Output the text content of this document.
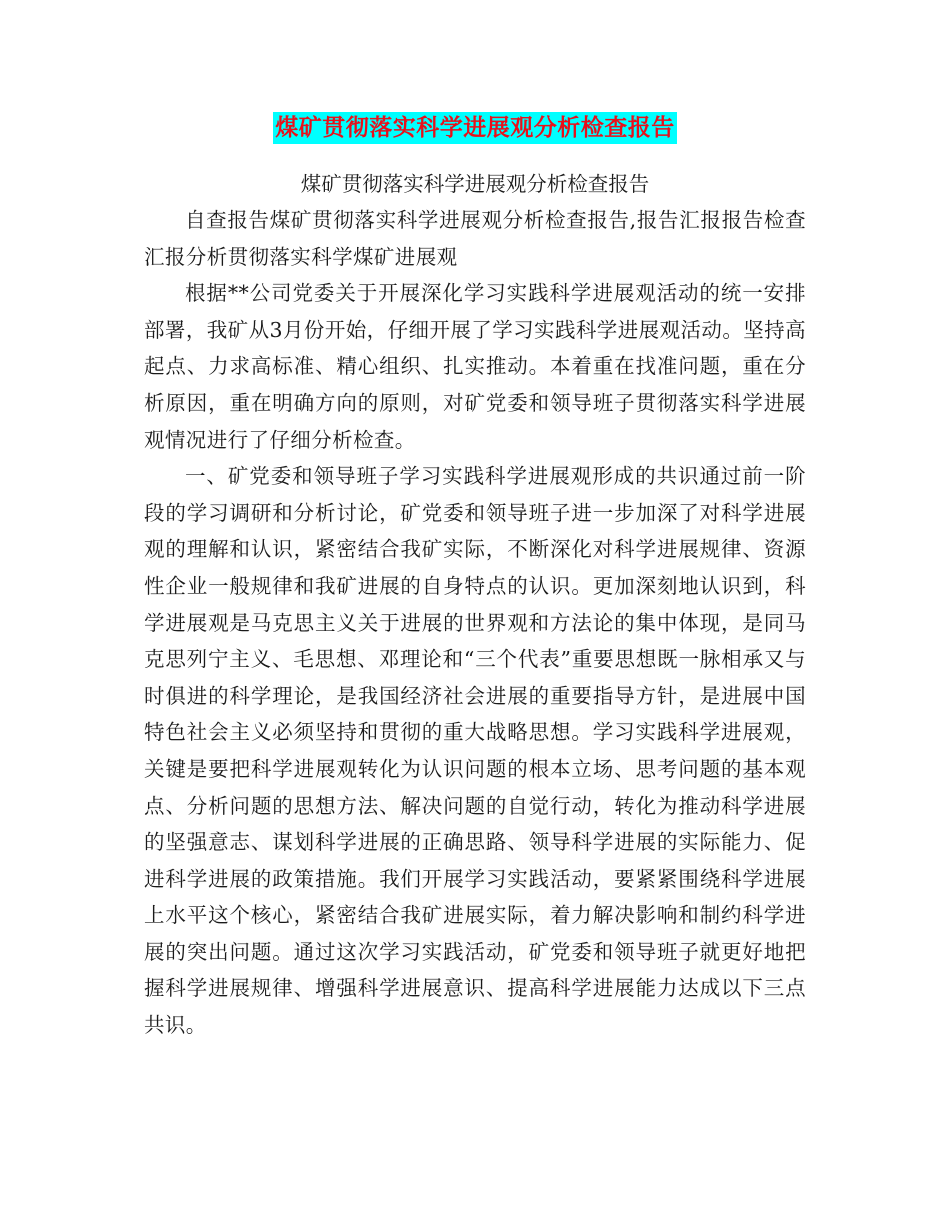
煤矿贯彻落实科学进展观分析检查报告

煤矿贯彻落实科学进展观分析检查报告

自查报告煤矿贯彻落实科学进展观分析检查报告,报告汇报报告检查汇报分析贯彻落实科学煤矿进展观

根据**公司党委关于开展深化学习实践科学进展观活动的统一安排部署，我矿从3月份开始，仔细开展了学习实践科学进展观活动。坚持高起点、力求高标准、精心组织、扎实推动。本着重在找准问题，重在分析原因，重在明确方向的原则，对矿党委和领导班子贯彻落实科学进展观情况进行了仔细分析检查。

一、矿党委和领导班子学习实践科学进展观形成的共识通过前一阶段的学习调研和分析讨论，矿党委和领导班子进一步加深了对科学进展观的理解和认识，紧密结合我矿实际，不断深化对科学进展规律、资源性企业一般规律和我矿进展的自身特点的认识。更加深刻地认识到，科学进展观是马克思主义关于进展的世界观和方法论的集中体现，是同马克思列宁主义、毛思想、邓理论和“三个代表”重要思想既一脉相承又与时俱进的科学理论，是我国经济社会进展的重要指导方针，是进展中国特色社会主义必须坚持和贯彻的重大战略思想。学习实践科学进展观，关键是要把科学进展观转化为认识问题的根本立场、思考问题的基本观点、分析问题的思想方法、解决问题的自觉行动，转化为推动科学进展的坚强意志、谋划科学进展的正确思路、领导科学进展的实际能力、促进科学进展的政策措施。我们开展学习实践活动，要紧紧围绕科学进展上水平这个核心，紧密结合我矿进展实际，着力解决影响和制约科学进展的突出问题。通过这次学习实践活动，矿党委和领导班子就更好地把握科学进展规律、增强科学进展意识、提高科学进展能力达成以下三点共识。
